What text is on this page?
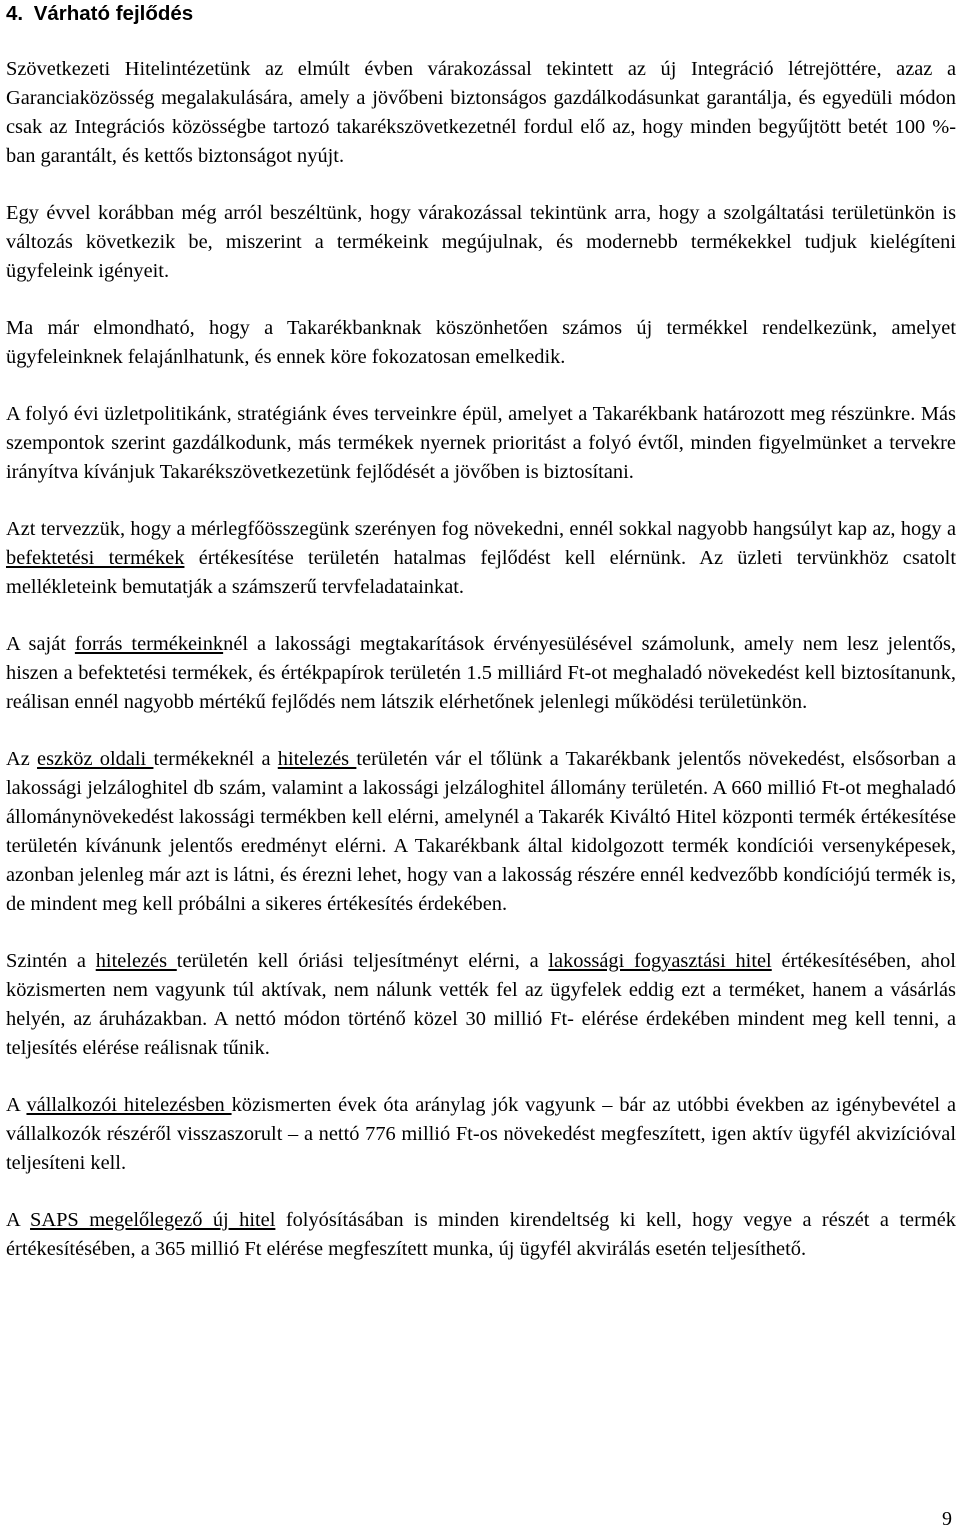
4. Várható fejlődés

Szövetkezeti Hitelintézetünk az elmúlt évben várakozással tekintett az új Integráció létrejöttére, azaz a Garanciaközösség megalakulására, amely a jövőbeni biztonságos gazdálkodásunkat garantálja, és egyedüli módon csak az Integrációs közösségbe tartozó takarékszövetkezetnél fordul elő az, hogy minden begyűjtött betét 100 %-ban garantált, és kettős biztonságot nyújt.

Egy évvel korábban még arról beszéltünk, hogy várakozással tekintünk arra, hogy a szolgáltatási területünkön is változás következik be, miszerint a termékeink megújulnak, és modernebb termékekkel tudjuk kielégíteni ügyfeleink igényeit.

Ma már elmondható, hogy a Takarékbanknak köszönhetően számos új termékkel rendelkezünk, amelyet ügyfeleinknek felajánlhatunk, és ennek köre fokozatosan emelkedik.

A folyó évi üzletpolitikánk, stratégiánk éves terveinkre épül, amelyet a Takarékbank határozott meg részünkre. Más szempontok szerint gazdálkodunk, más termékek nyernek prioritást a folyó évtől, minden figyelmünket a tervekre irányítva kívánjuk Takarékszövetkezetünk fejlődését a jövőben is biztosítani.

Azt tervezzük, hogy a mérlegfőösszegünk szerényen fog növekedni, ennél sokkal nagyobb hangsúlyt kap az, hogy a befektetési termékek értékesítése területén hatalmas fejlődést kell elérnünk. Az üzleti tervünkhöz csatolt mellékleteink bemutatják a számszerű tervfeladatainkat.

A saját forrás termékeinknél a lakossági megtakarítások érvényesülésével számolunk, amely nem lesz jelentős, hiszen a befektetési termékek, és értékpapírok területén 1.5 milliárd Ft-ot meghaladó növekedést kell biztosítanunk, reálisan ennél nagyobb mértékű fejlődés nem látszik elérhetőnek jelenlegi működési területünkön.

Az eszköz oldali termékeknél a hitelezés területén vár el tőlünk a Takarékbank jelentős növekedést, elsősorban a lakossági jelzáloghitel db szám, valamint a lakossági jelzáloghitel állomány területén. A 660 millió Ft-ot meghaladó állománynövekedést lakossági termékben kell elérni, amelynél a Takarék Kiváltó Hitel központi termék értékesítése területén kívánunk jelentős eredményt elérni. A Takarékbank által kidolgozott termék kondíciói versenyképesek, azonban jelenleg már azt is látni, és érezni lehet, hogy van a lakosság részére ennél kedvezőbb kondíciójú termék is, de mindent meg kell próbálni a sikeres értékesítés érdekében.

Szintén a hitelezés területén kell óriási teljesítményt elérni, a lakossági fogyasztási hitel értékesítésében, ahol közismerten nem vagyunk túl aktívak, nem nálunk vették fel az ügyfelek eddig ezt a terméket, hanem a vásárlás helyén, az áruházakban. A nettó módon történő közel 30 millió Ft- elérése érdekében mindent meg kell tenni, a teljesítés elérése reálisnak tűnik.

A vállalkozói hitelezésben közismerten évek óta aránylag jók vagyunk – bár az utóbbi években az igénybevétel a vállalkozók részéről visszaszorult – a nettó 776 millió Ft-os növekedést megfeszített, igen aktív ügyfél akvizícióval teljesíteni kell.

A SAPS megelőlegező új hitel folyósításában is minden kirendeltség ki kell, hogy vegye a részét a termék értékesítésében, a 365 millió Ft elérése megfeszített munka, új ügyfél akvirálás esetén teljesíthető.

9
